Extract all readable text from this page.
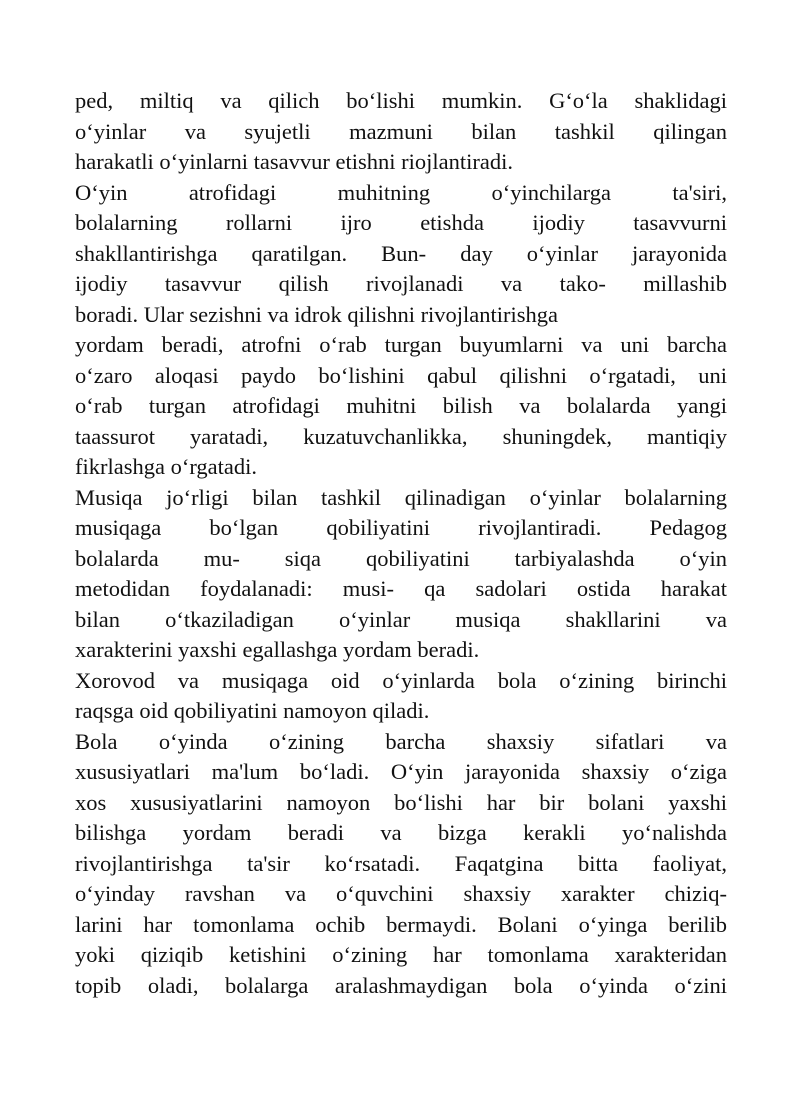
ped, miltiq va qilich bo‘lishi mumkin. G‘o‘la shaklidagi
o‘yinlar va syujetli mazmuni bilan tashkil qilingan
harakatli o‘yinlarni tasavvur etishni riojlantiradi.
O‘yin atrofidagi muhitning o‘yinchilarga ta'siri,
bolalarning rollarni ijro etishda ijodiy tasavvurni
shakllantirishga qaratilgan. Bun- day o‘yinlar jarayonida
ijodiy tasavvur qilish rivojlanadi va tako- millashib
boradi. Ular sezishni va idrok qilishni rivojlantirishga
yordam beradi, atrofni o‘rab turgan buyumlarni va uni barcha
o‘zaro aloqasi paydo bo‘lishini qabul qilishni o‘rgatadi, uni
o‘rab turgan atrofidagi muhitni bilish va bolalarda yangi
taassurot yaratadi, kuzatuvchanlikka, shuningdek, mantiqiy
fikrlashga o‘rgatadi.
Musiqa jo‘rligi bilan tashkil qilinadigan o‘yinlar bolalarning
musiqaga bo‘lgan qobiliyatini rivojlantiradi. Pedagog
bolalarda mu- siqa qobiliyatini tarbiyalashda o‘yin
metodidan foydalanadi: musi- qa sadolari ostida harakat
bilan o‘tkaziladigan o‘yinlar musiqa shakllarini va
xarakterini yaxshi egallashga yordam beradi.
Xorovod va musiqaga oid o‘yinlarda bola o‘zining birinchi
raqsga oid qobiliyatini namoyon qiladi.
Bola o‘yinda o‘zining barcha shaxsiy sifatlari va
xususiyatlari ma'lum bo‘ladi. O‘yin jarayonida shaxsiy o‘ziga
xos xususiyatlarini namoyon bo‘lishi har bir bolani yaxshi
bilishga yordam beradi va bizga kerakli yo‘nalishda
rivojlantirishga ta'sir ko‘rsatadi. Faqatgina bitta faoliyat,
o‘yinday ravshan va o‘quvchini shaxsiy xarakter chiziq-
larini har tomonlama ochib bermaydi. Bolani o‘yinga berilib
yoki qiziqib ketishini o‘zining har tomonlama xarakteridan
topib oladi, bolalarga aralashmaydigan bola o‘yinda o‘zini
